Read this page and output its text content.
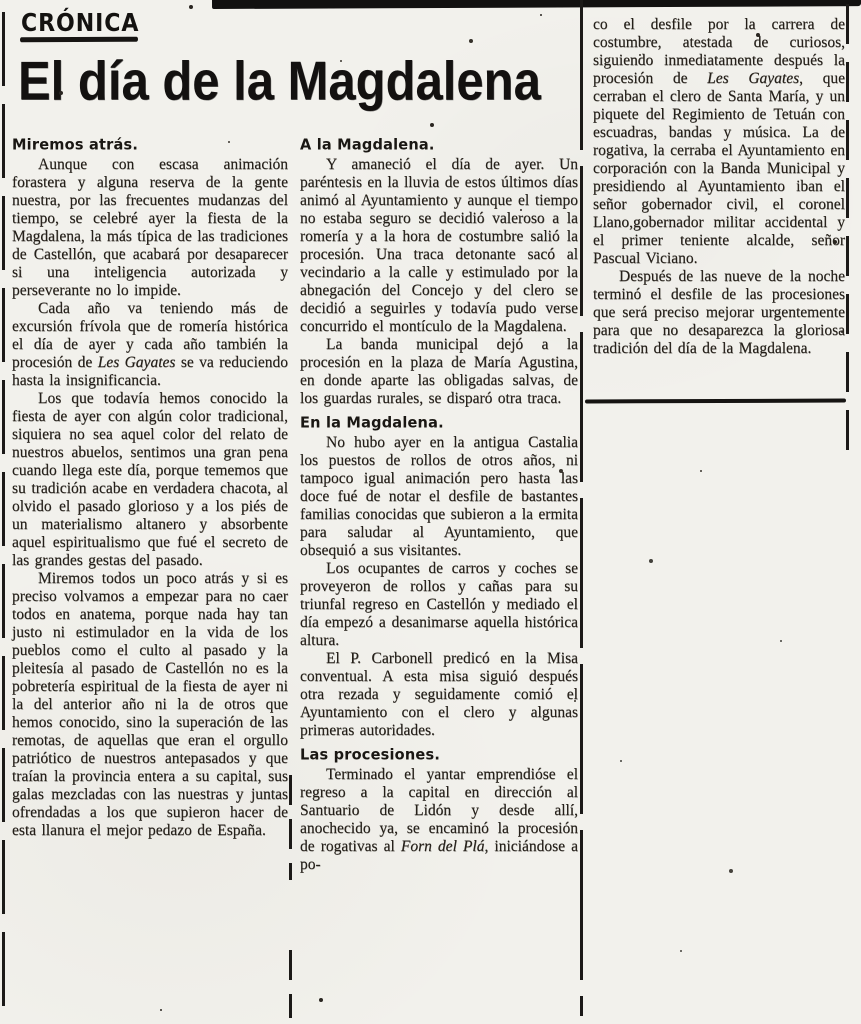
CRÓNICA
El día de la Magdalena
Miremos atrás.

Aunque con escasa animación forastera y alguna reserva de la gente nuestra, por las frecuentes mudanzas del tiempo, se celebré ayer la fiesta de la Magdalena, la más típica de las tradiciones de Castellón, que acabará por desaparecer si una inteligencia autorizada y perseverante no lo impide.

Cada año va teniendo más de excursión frívola que de romería histórica el día de ayer y cada año también la procesión de Les Gayates se va reduciendo hasta la insignificancia.

Los que todavía hemos conocido la fiesta de ayer con algún color tradicional, siquiera no sea aquel color del relato de nuestros abuelos, sentimos una gran pena cuando llega este día, porque tememos que su tradición acabe en verdadera chacota, al olvido el pasado glorioso y a los piés de un materialismo altanero y absorbente aquel espiritualismo que fué el secreto de las grandes gestas del pasado.

Miremos todos un poco atrás y si es preciso volvamos a empezar para no caer todos en anatema, porque nada hay tan justo ni estimulador en la vida de los pueblos como el culto al pasado y la pleitesía al pasado de Castellón no es la pobretería espiritual de la fiesta de ayer ni la del anterior año ni la de otros que hemos conocido, sino la superación de las remotas, de aquellas que eran el orgullo patriótico de nuestros antepasados y que traían la provincia entera a su capital, sus galas mezcladas con las nuestras y juntas ofrendadas a los que supieron hacer de esta llanura el mejor pedazo de España.

A la Magdalena.

Y amaneció el día de ayer. Un paréntesis en la lluvia de estos últimos días animó al Ayuntamiento y aunque el tiempo no estaba seguro se decidió valeroso a la romería y a la hora de costumbre salió la procesión. Una traca detonante sacó al vecindario a la calle y estimulado por la abnegación del Concejo y del clero se decidió a seguirles y todavía pudo verse concurrido el montículo de la Magdalena.

La banda municipal dejó a la procesión en la plaza de María Agustina, en donde aparte las obligadas salvas, de los guardas rurales, se disparó otra traca.

En la Magdalena.

No hubo ayer en la antigua Castalia los puestos de rollos de otros años, ni tampoco igual animación pero hasta las doce fué de notar el desfile de bastantes familias conocidas que subieron a la ermita para saludar al Ayuntamiento, que obsequió a sus visitantes.

Los ocupantes de carros y coches se proveyeron de rollos y cañas para su triunfal regreso en Castellón y mediado el día empezó a desanimarse aquella histórica altura.

El P. Carbonell predicó en la Misa conventual. A esta misa siguió después otra rezada y seguidamente comió el Ayuntamiento con el clero y algunas primeras autoridades.

Las procesiones.

Terminado el yantar emprendióse el regreso a la capital en dirección al Santuario de Lidón y desde allí, anochecido ya, se encaminó la procesión de rogativas al Forn del Plá, iniciándose a po-

co el desfile por la carrera de costumbre, atestada de curiosos, siguiendo inmediatamente después la procesión de Les Gayates, que cerraban el clero de Santa María, y un piquete del Regimiento de Tetuán con escuadras, bandas y música. La de rogativa, la cerraba el Ayuntamiento en corporación con la Banda Municipal y presidiendo al Ayuntamiento iban el señor gobernador civil, el coronel Llano,gobernador militar accidental y el primer teniente alcalde, señor Pascual Viciano.

Después de las nueve de la noche terminó el desfile de las procesiones que será preciso mejorar urgentemente para que no desaparezca la gloriosa tradición del día de la Magdalena.
